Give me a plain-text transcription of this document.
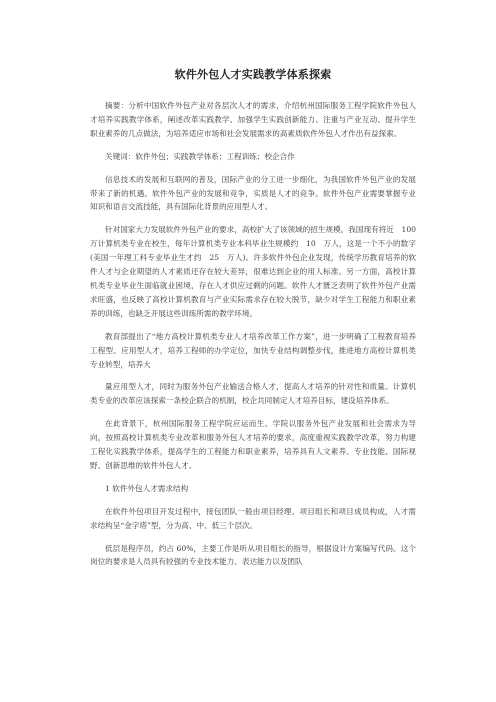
软件外包人才实践教学体系探索

摘要：分析中国软件外包产业对各层次人才的需求，介绍杭州国际服务工程学院软件外包人才培养实践教学体系，阐述改革实践教学、加强学生实践创新能力、注重与产业互动、提升学生职业素养的几点做法，为培养适应市场和社会发展需求的高素质软件外包人才作出有益探索。

关键词：软件外包；实践教学体系；工程训练；校企合作

信息技术的发展和互联网的普及，国际产业的分工进一步细化，为我国软件外包产业的发展带来了新的机遇。软件外包产业的发展和竞争，实质是人才的竞争。软件外包产业需要掌握专业知识和语言交流技能，具有国际化背景的应用型人才。

针对国家大力发展软件外包产业的要求，高校扩大了该领域的招生规模。我国现有将近　100　万计算机类专业在校生，每年计算机类专业本科毕业生规模约　10　万人，这是一个不小的数字(美国一年理工科专业毕业生才约　25　万人)。许多软件外包企业发现，传统学历教育培养的软件人才与企业期望的人才素质还存在较大差异，很难达到企业的用人标准。另一方面，高校计算机类专业毕业生面临就业困境，存在人才供应过剩的问题。软件人才匮乏表明了软件外包产业需求旺盛，也反映了高校计算机教育与产业实际需求存在较大脱节，缺少对学生工程能力和职业素养的训练，也缺乏开展这些训练所需的教学环境。

教育部提出了“地方高校计算机类专业人才培养改革工作方案”，进一步明确了工程教育培养工程型、应用型人才，培养工程师的办学定位，加快专业结构调整步伐，推进地方高校计算机类专业转型，培养大

量应用型人才，同时为服务外包产业输送合格人才，提高人才培养的针对性和质量。计算机类专业的改革应该探索一条校企联合的机制，校企共同制定人才培养目标，建设培养体系。

在此背景下，杭州国际服务工程学院应运而生。学院以服务外包产业发展和社会需求为导向，按照高校计算机类专业改革和服务外包人才培养的要求，高度重视实践教学改革，努力构建工程化实践教学体系，提高学生的工程能力和职业素养，培养具有人文素养、专业技能、国际视野、创新思维的软件外包人才。

1 软件外包人才需求结构

在软件外包项目开发过程中，接包团队一般由项目经理、项目组长和项目成员构成，人才需求结构呈“金字塔”型，分为高、中、低三个层次。

低层是程序员，约占 60%，主要工作是听从项目组长的指导，根据设计方案编写代码。这个岗位的要求是人员具有较强的专业技术能力、表达能力以及团队
